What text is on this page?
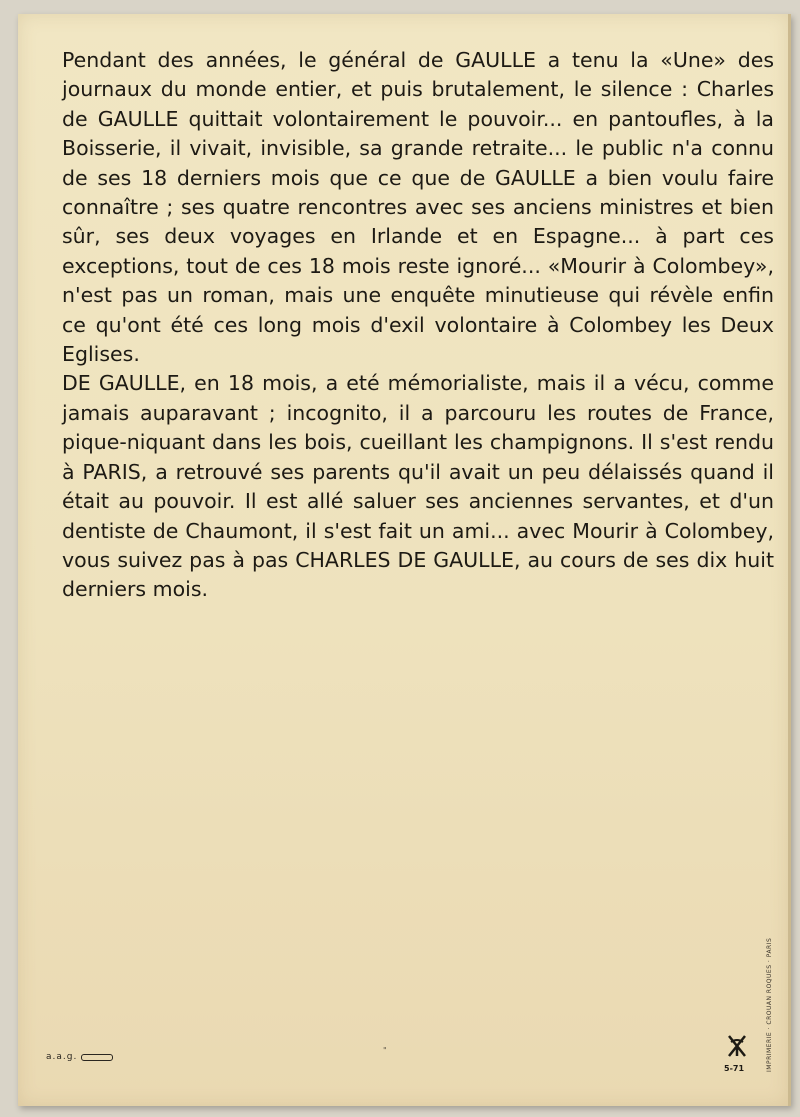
Pendant des années, le général de GAULLE a tenu la «Une» des journaux du monde entier, et puis brutalement, le silence : Charles de GAULLE quittait volontairement le pouvoir... en pantoufles, à la Boisserie, il vivait, invisible, sa grande retraite... le public n'a connu de ses 18 derniers mois que ce que de GAULLE a bien voulu faire connaître ; ses quatre rencontres avec ses anciens ministres et bien sûr, ses deux voyages en Irlande et en Espagne... à part ces exceptions, tout de ces 18 mois reste ignoré... «Mourir à Colombey», n'est pas un roman, mais une enquête minutieuse qui révèle enfin ce qu'ont été ces long mois d'exil volontaire à Colombey les Deux Eglises.

DE GAULLE, en 18 mois, a eté mémorialiste, mais il a vécu, comme jamais auparavant ; incognito, il a parcouru les routes de France, pique-niquant dans les bois, cueillant les champignons. Il s'est rendu à PARIS, a retrouvé ses parents qu'il avait un peu délaissés quand il était au pouvoir. Il est allé saluer ses anciennes servantes, et d'un dentiste de Chaumont, il s'est fait un ami... avec Mourir à Colombey, vous suivez pas à pas CHARLES DE GAULLE, au cours de ses dix huit derniers mois.

a.a.g.
"
5-71	IMPRIMERIE · CROUAN ROQUES · PARIS
